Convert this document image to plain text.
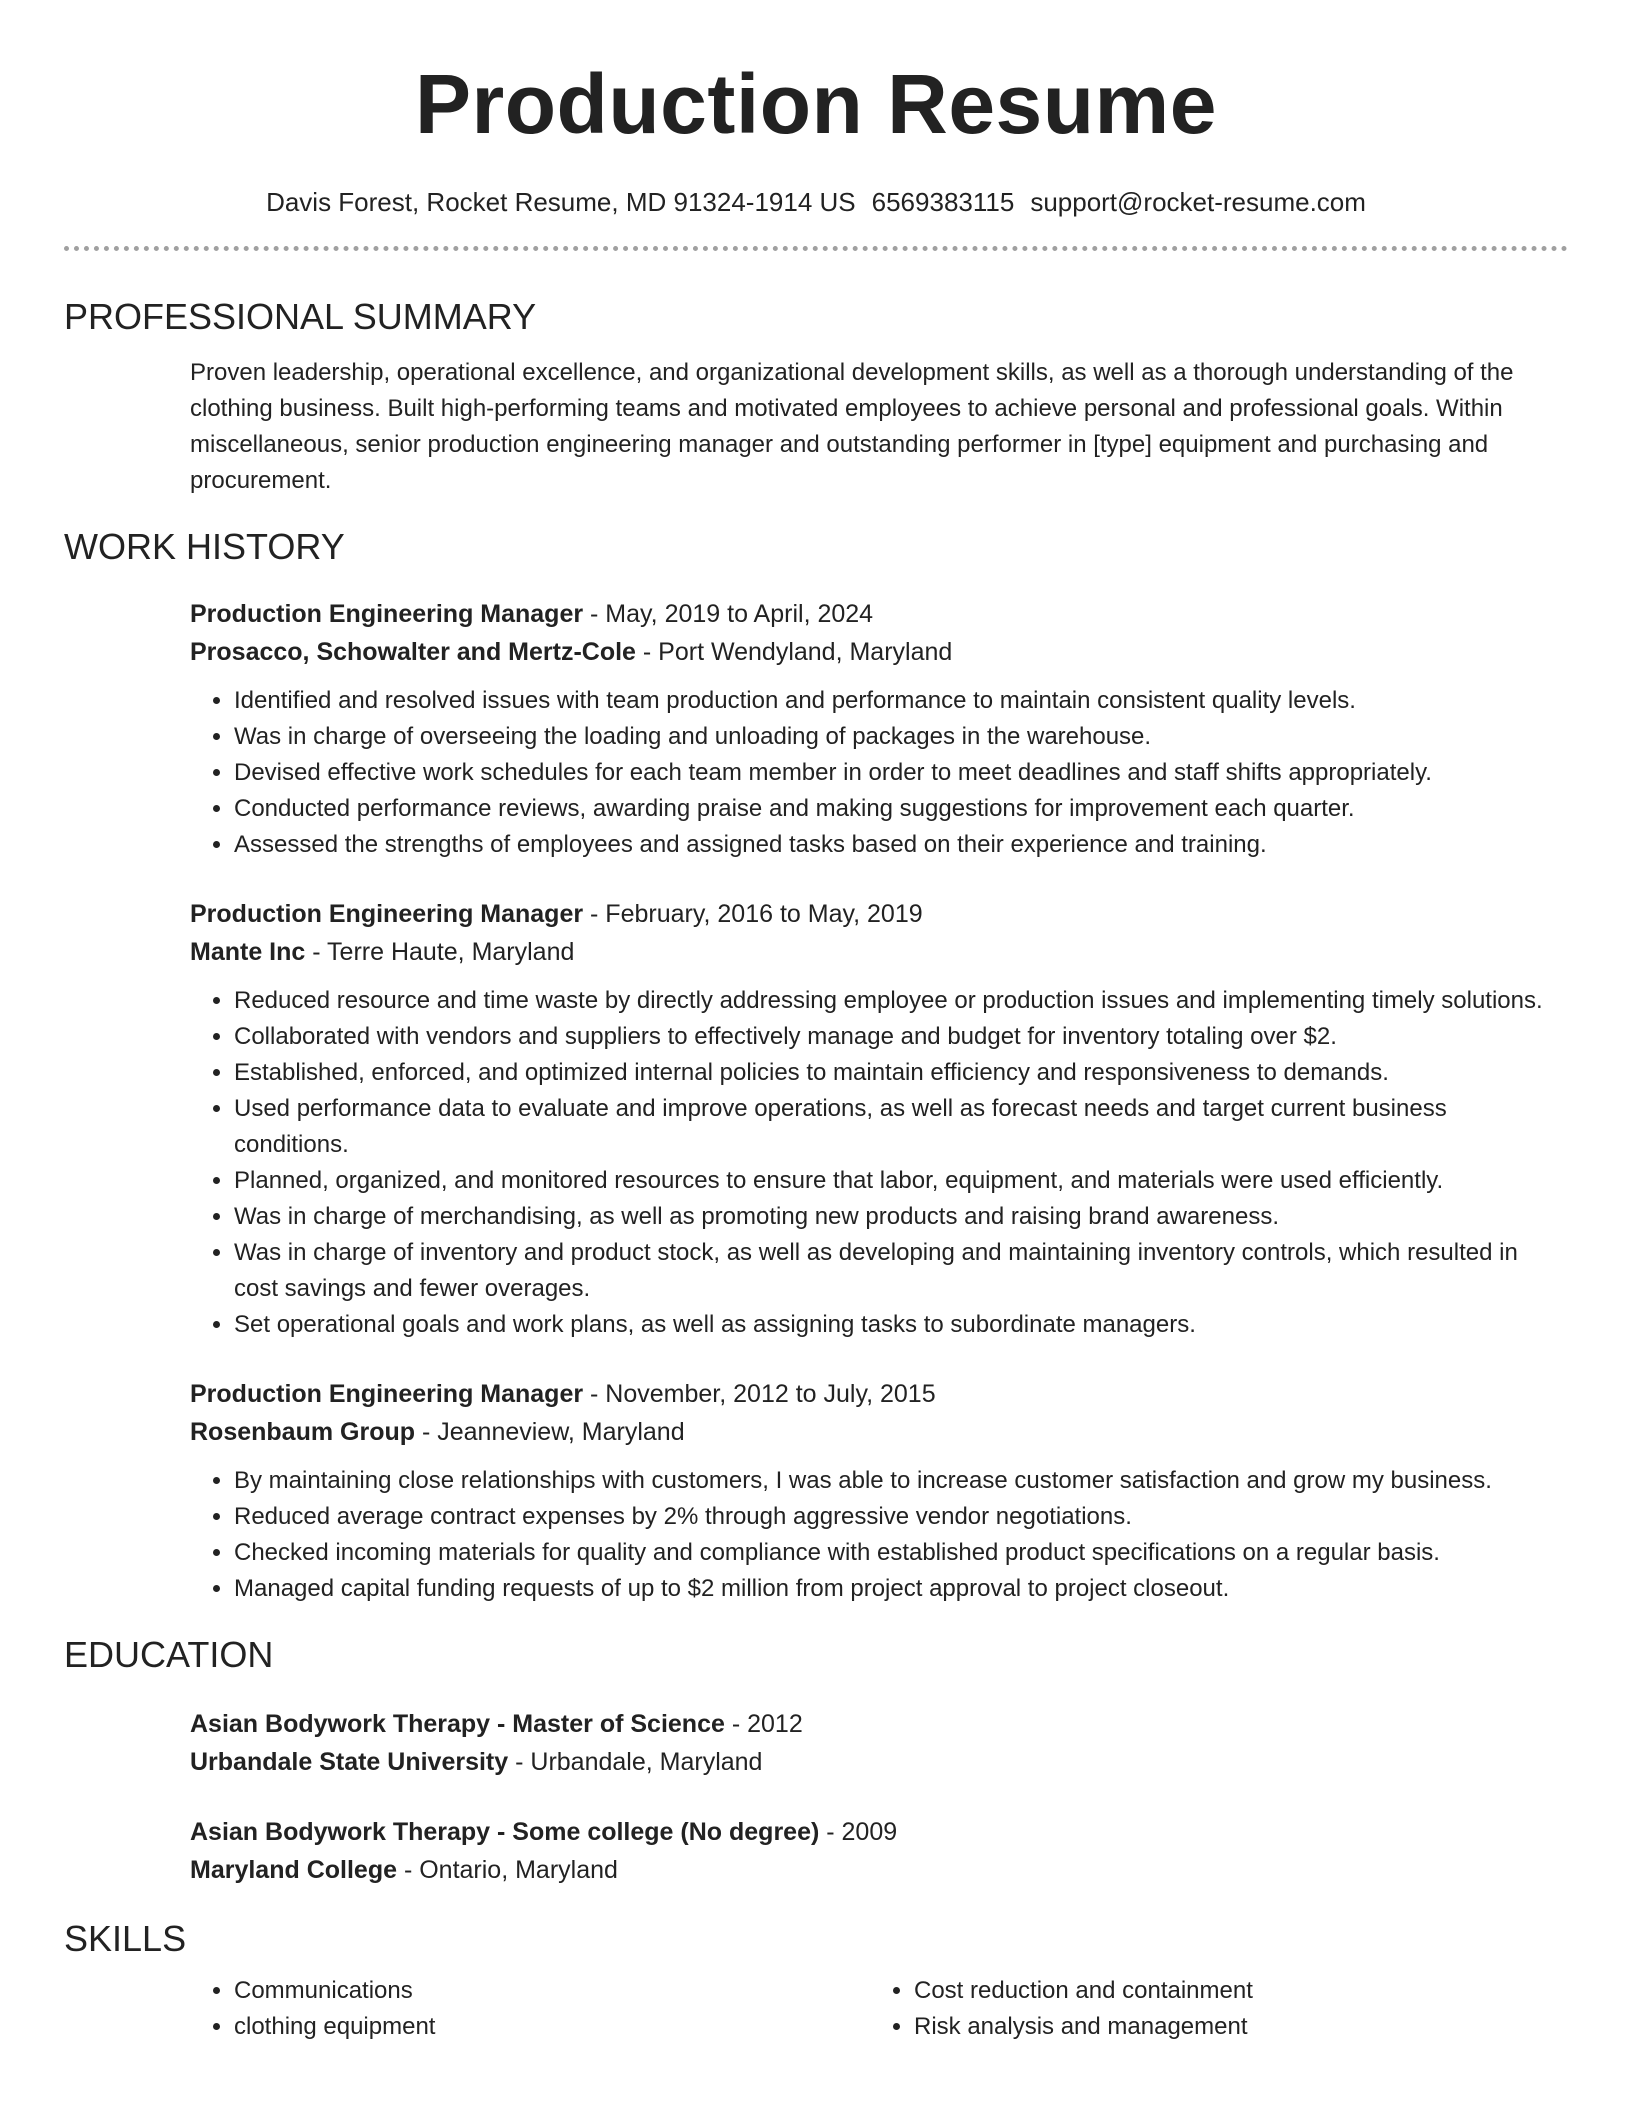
Production Resume
Davis Forest, Rocket Resume, MD 91324-1914 US 6569383115 support@rocket-resume.com
PROFESSIONAL SUMMARY
Proven leadership, operational excellence, and organizational development skills, as well as a thorough understanding of the clothing business. Built high-performing teams and motivated employees to achieve personal and professional goals. Within miscellaneous, senior production engineering manager and outstanding performer in [type] equipment and purchasing and procurement.
WORK HISTORY
Production Engineering Manager - May, 2019 to April, 2024
Prosacco, Schowalter and Mertz-Cole - Port Wendyland, Maryland
• Identified and resolved issues with team production and performance to maintain consistent quality levels.
• Was in charge of overseeing the loading and unloading of packages in the warehouse.
• Devised effective work schedules for each team member in order to meet deadlines and staff shifts appropriately.
• Conducted performance reviews, awarding praise and making suggestions for improvement each quarter.
• Assessed the strengths of employees and assigned tasks based on their experience and training.
Production Engineering Manager - February, 2016 to May, 2019
Mante Inc - Terre Haute, Maryland
• Reduced resource and time waste by directly addressing employee or production issues and implementing timely solutions.
• Collaborated with vendors and suppliers to effectively manage and budget for inventory totaling over $2.
• Established, enforced, and optimized internal policies to maintain efficiency and responsiveness to demands.
• Used performance data to evaluate and improve operations, as well as forecast needs and target current business conditions.
• Planned, organized, and monitored resources to ensure that labor, equipment, and materials were used efficiently.
• Was in charge of merchandising, as well as promoting new products and raising brand awareness.
• Was in charge of inventory and product stock, as well as developing and maintaining inventory controls, which resulted in cost savings and fewer overages.
• Set operational goals and work plans, as well as assigning tasks to subordinate managers.
Production Engineering Manager - November, 2012 to July, 2015
Rosenbaum Group - Jeanneview, Maryland
• By maintaining close relationships with customers, I was able to increase customer satisfaction and grow my business.
• Reduced average contract expenses by 2% through aggressive vendor negotiations.
• Checked incoming materials for quality and compliance with established product specifications on a regular basis.
• Managed capital funding requests of up to $2 million from project approval to project closeout.
EDUCATION
Asian Bodywork Therapy - Master of Science - 2012
Urbandale State University - Urbandale, Maryland
Asian Bodywork Therapy - Some college (No degree) - 2009
Maryland College - Ontario, Maryland
SKILLS
• Communications
• clothing equipment
• Cost reduction and containment
• Risk analysis and management
